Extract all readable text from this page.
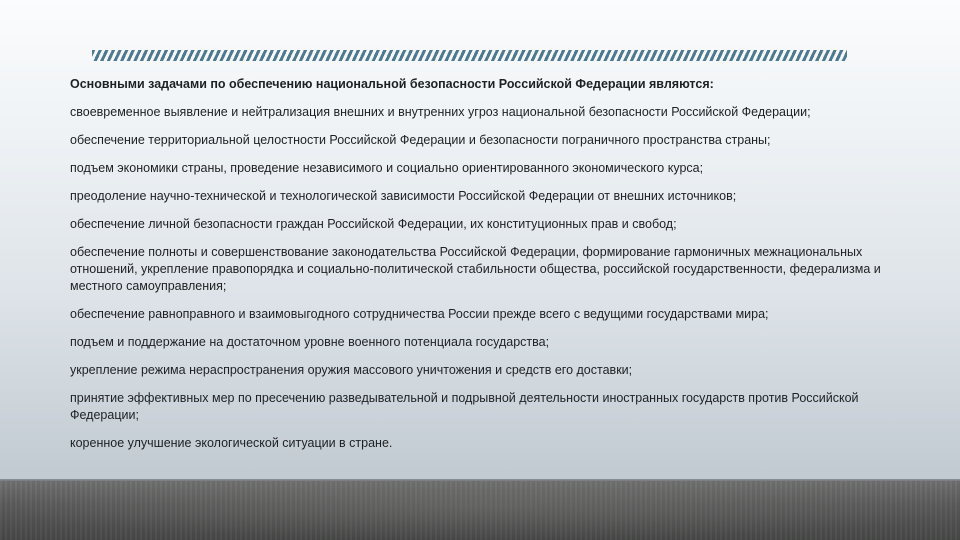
Основными задачами по обеспечению национальной безопасности Российской Федерации являются:
своевременное выявление и нейтрализация внешних и внутренних угроз национальной безопасности Российской Федерации;
обеспечение территориальной целостности Российской Федерации и безопасности пограничного пространства страны;
подъем экономики страны, проведение независимого и социально ориентированного экономического курса;
преодоление научно-технической и технологической зависимости Российской Федерации от внешних источников;
обеспечение личной безопасности граждан Российской Федерации, их конституционных прав и свобод;
обеспечение полноты и совершенствование законодательства Российской Федерации, формирование гармоничных межнациональных отношений, укрепление правопорядка и социально-политической стабильности общества, российской государственности, федерализма и местного самоуправления;
обеспечение равноправного и взаимовыгодного сотрудничества России прежде всего с ведущими государствами мира;
подъем и поддержание на достаточном уровне военного потенциала государства;
укрепление режима нераспространения оружия массового уничтожения и средств его доставки;
принятие эффективных мер по пресечению разведывательной и подрывной деятельности иностранных государств против Российской Федерации;
коренное улучшение экологической ситуации в стране.
